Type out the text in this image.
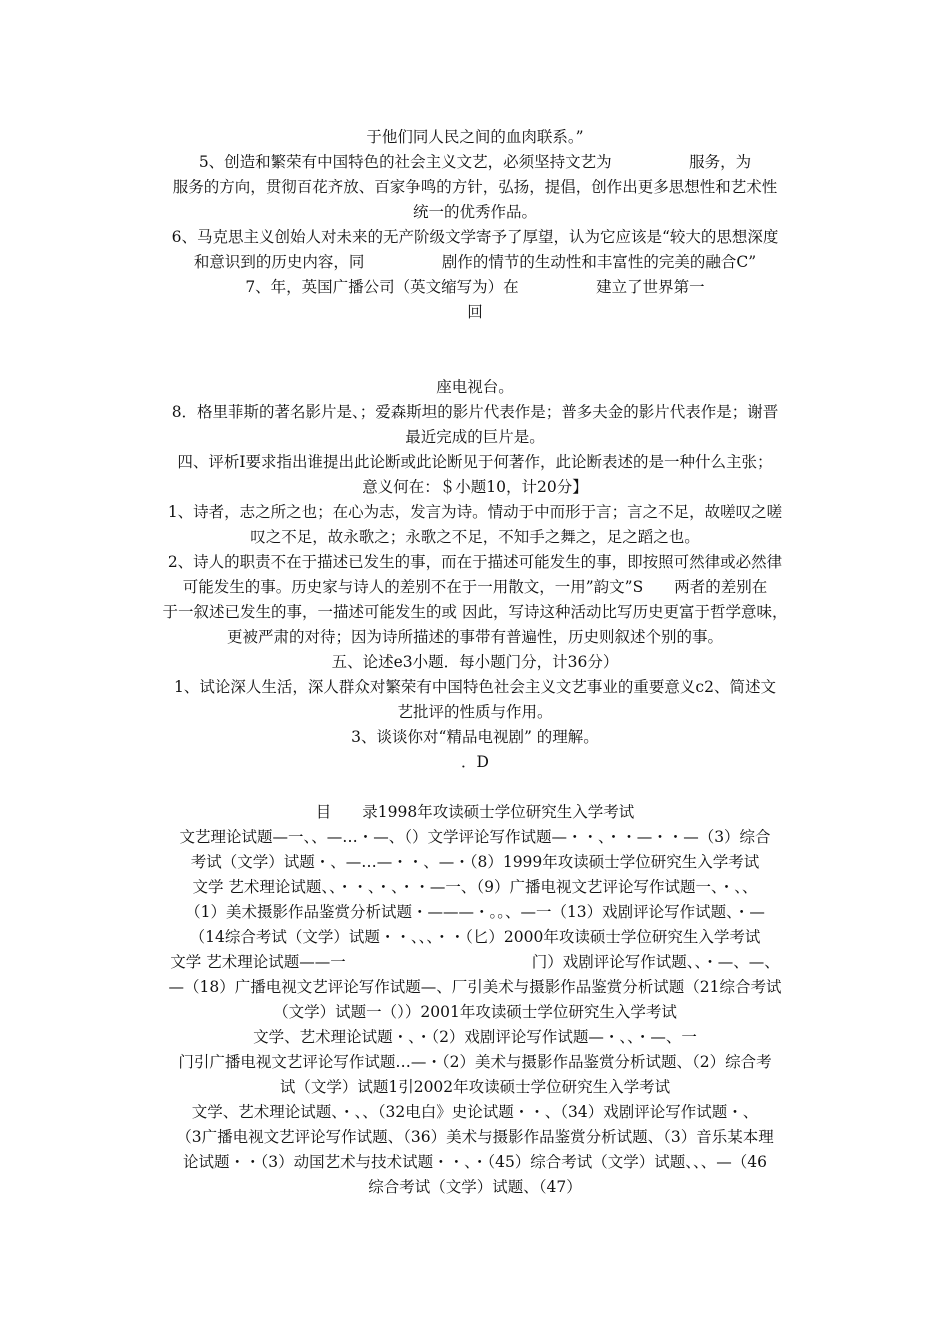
于他们同人民之间的血肉联系。”
5、创造和繁荣有中国特色的社会主义文艺，必须坚持文艺为　　　　　服务，为
服务的方向，贯彻百花齐放、百家争鸣的方针，弘扬，提倡，创作出更多思想性和艺术性
统一的优秀作品。
6、马克思主义创始人对未来的无产阶级文学寄予了厚望，认为它应该是“较大的思想深度
和意识到的历史内容，同　　　　　剧作的情节的生动性和丰富性的完美的融合C”
7、年，英国广播公司（英文缩写为）在　　　　　建立了世界第一
回
座电视台。
8．格里菲斯的著名影片是、；爱森斯坦的影片代表作是；普多夫金的影片代表作是；谢晋
最近完成的巨片是。
四、评析I要求指出谁提出此论断或此论断见于何著作，此论断表述的是一种什么主张；
意义何在：＄小题10，计20分】
1、诗者，志之所之也；在心为志，发言为诗。情动于中而形于言；言之不足，故嗟叹之嗟
叹之不足，故永歌之；永歌之不足，不知手之舞之，足之蹈之也。
2、诗人的职责不在于描述已发生的事，而在于描述可能发生的事，即按照可然律或必然律
可能发生的事。历史家与诗人的差别不在于一用散文，一用”韵文”S　　两者的差别在
于一叙述已发生的事，一描述可能发生的或 因此，写诗这种活动比写历史更富于哲学意味，
更被严肃的对待；因为诗所描述的事带有普遍性，历史则叙述个别的事。
五、论述e3小题．每小题门分，计36分）
1、试论深人生活，深人群众对繁荣有中国特色社会主义文艺事业的重要意义c2、简述文
艺批评的性质与作用。
3、谈谈你对“精品电视剧” 的理解。
．D
目　　录1998年攻读硕士学位研究生入学考试
文艺理论试题—一、、—…・—、（）文学评论写作试题—・・、・・—・・—（3）综合
考试（文学）试题・、—…—・・、—・（8）1999年攻读硕士学位研究生入学考试
文学 艺术理论试题、、・・、・、・・—一、（9）广播电视文艺评论写作试题一、・、、
（1）美术摄影作品鉴赏分析试题・———・。。、—一（13）戏剧评论写作试题、・—
（14综合考试（文学）试题・・、、、・・（匕）2000年攻读硕士学位研究生入学考试
文学 艺术理论试题——一　　　　　　　　　　　　门）戏剧评论写作试题、、・—、—、
—（18）广播电视文艺评论写作试题—、厂引美术与摄影作品鉴赏分析试题（21综合考试
（文学）试题一（））2001年攻读硕士学位研究生入学考试
文学、艺术理论试题・、・（2）戏剧评论写作试题—・、、・—、一
门引广播电视文艺评论写作试题…—・（2）美术与摄影作品鉴赏分析试题、（2）综合考
试（文学）试题1引2002年攻读硕士学位研究生入学考试
文学、艺术理论试题、・、、（32电白》史论试题・・、（34）戏剧评论写作试题・、
（3广播电视文艺评论写作试题、（36）美术与摄影作品鉴赏分析试题、（3）音乐某本理
论试题・・（3）动国艺术与技术试题・・、・（45）综合考试（文学）试题、、、—（46
综合考试（文学）试题、（47）
